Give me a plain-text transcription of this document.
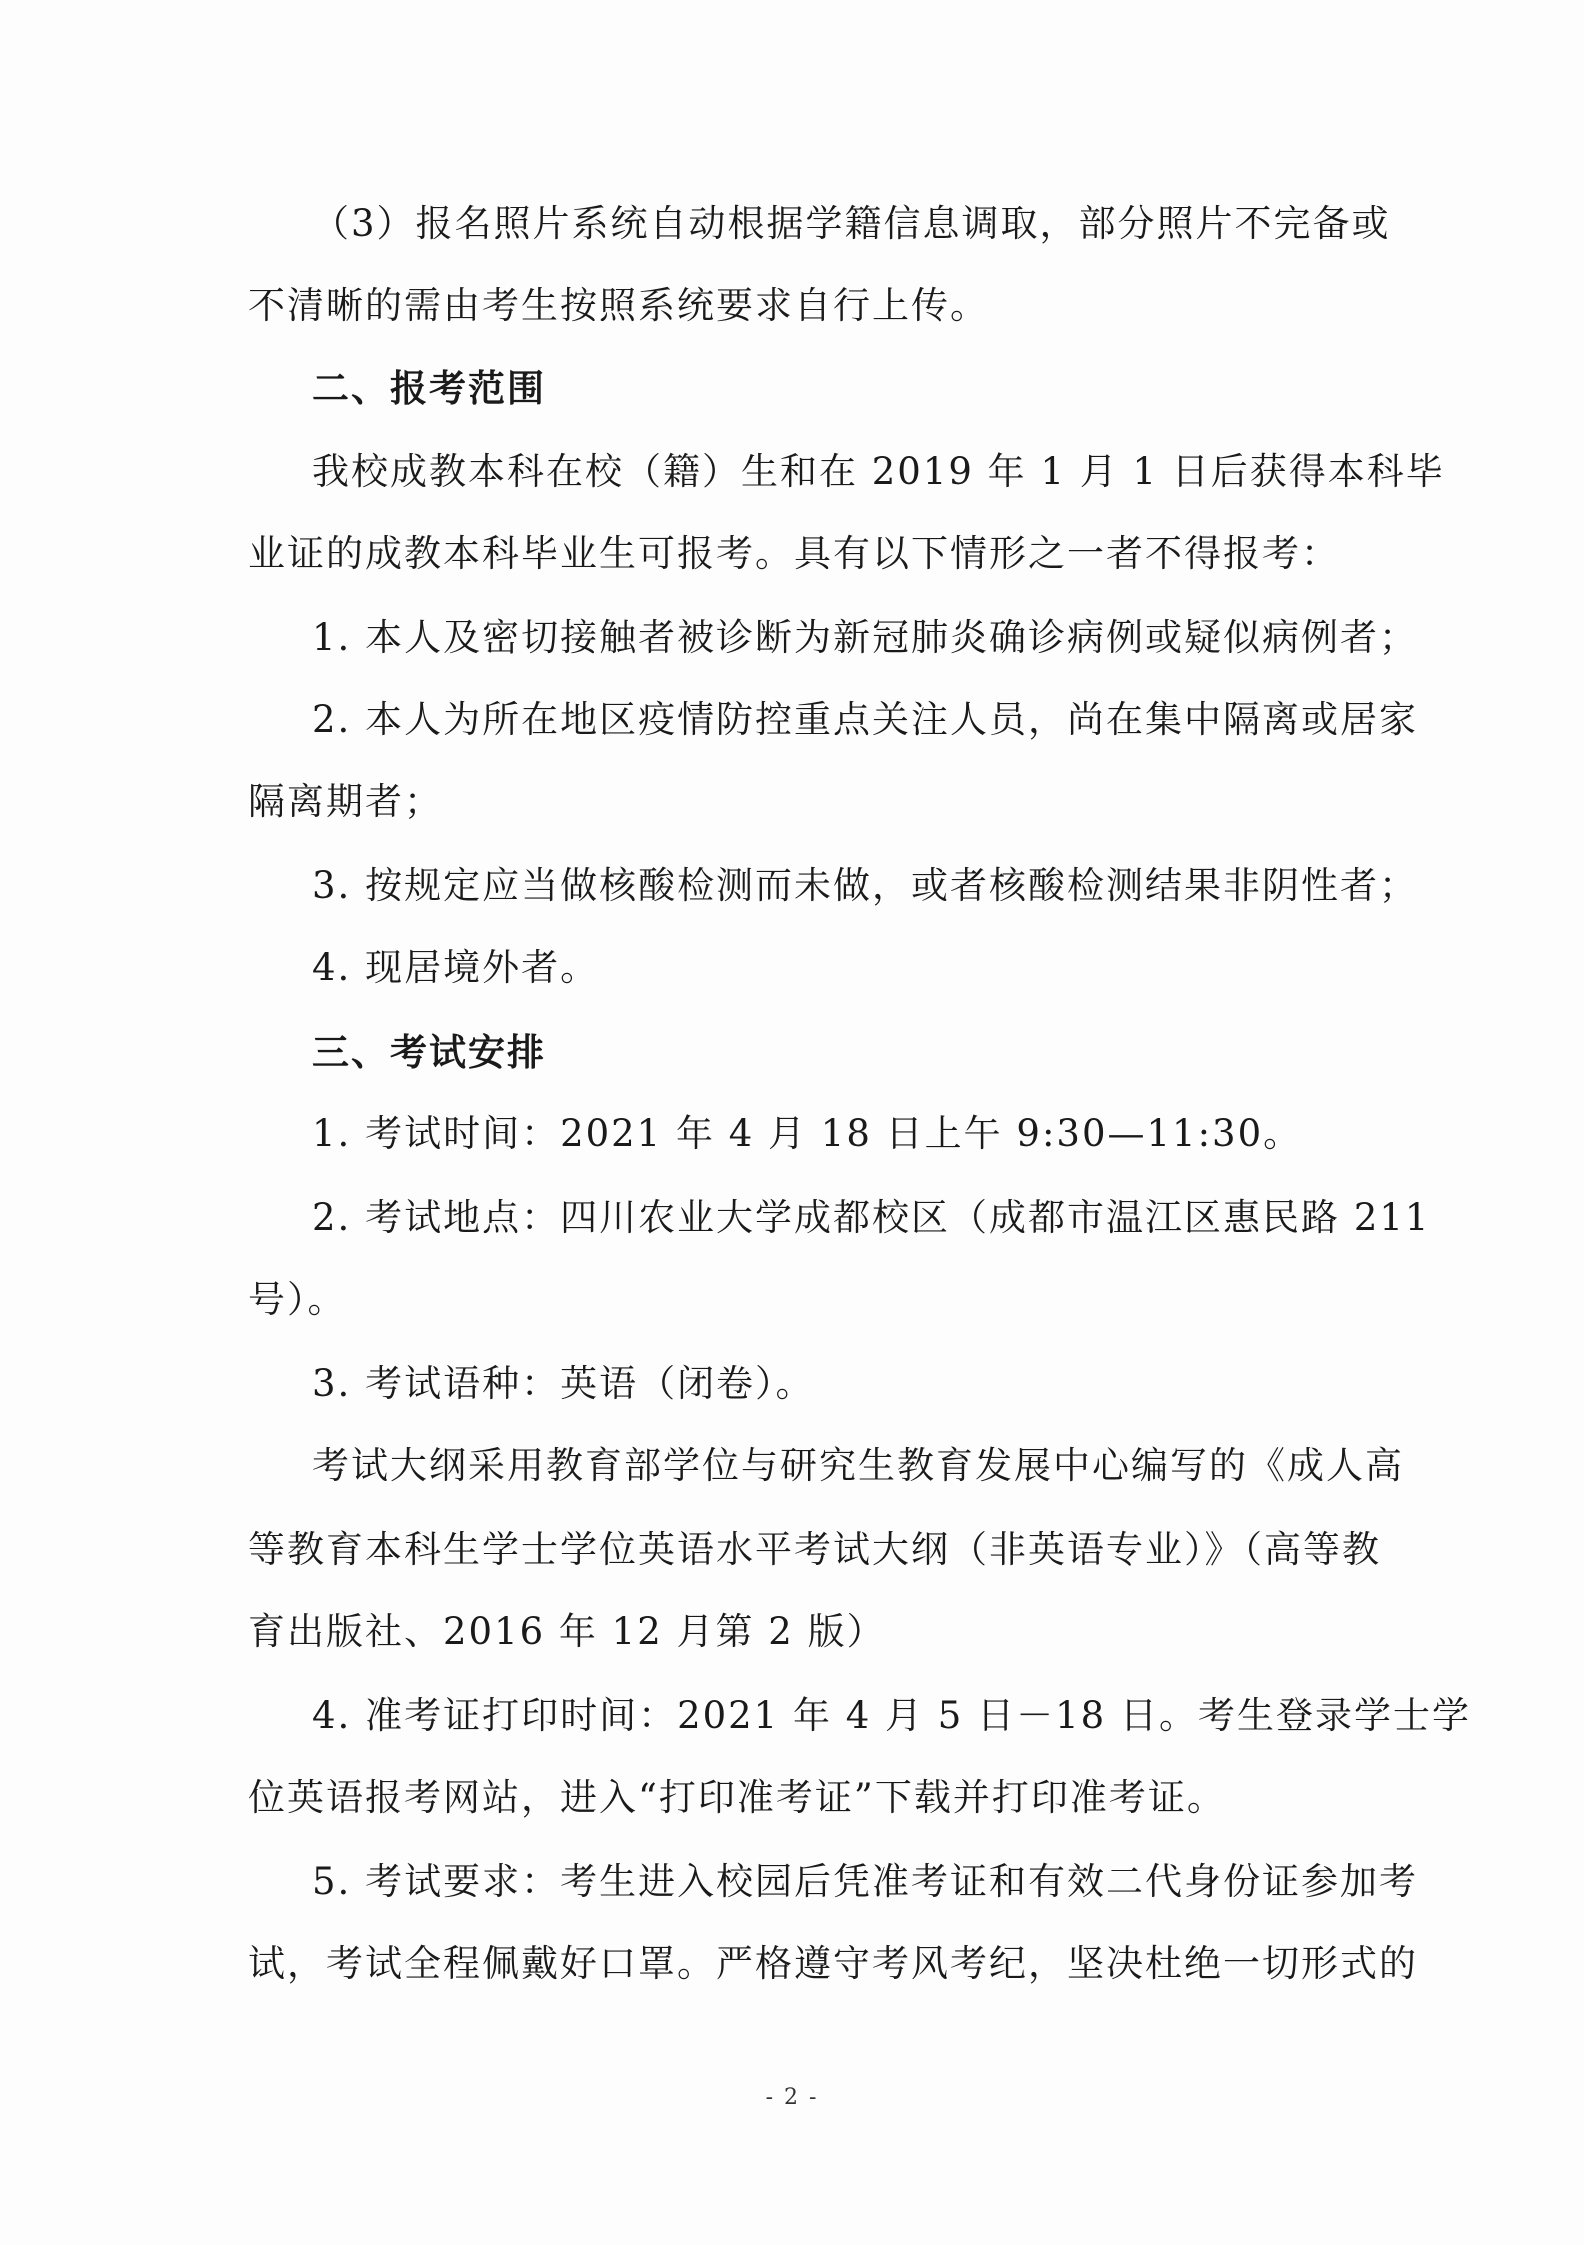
（3）报名照片系统自动根据学籍信息调取，部分照片不完备或
不清晰的需由考生按照系统要求自行上传。
二、报考范围
我校成教本科在校（籍）生和在 2019 年 1 月 1 日后获得本科毕
业证的成教本科毕业生可报考。具有以下情形之一者不得报考：
1. 本人及密切接触者被诊断为新冠肺炎确诊病例或疑似病例者；
2. 本人为所在地区疫情防控重点关注人员，尚在集中隔离或居家
隔离期者；
3. 按规定应当做核酸检测而未做，或者核酸检测结果非阴性者；
4. 现居境外者。
三、考试安排
1. 考试时间：2021 年 4 月 18 日上午 9:30—11:30。
2. 考试地点：四川农业大学成都校区（成都市温江区惠民路 211
号）。
3. 考试语种：英语（闭卷）。
考试大纲采用教育部学位与研究生教育发展中心编写的《成人高
等教育本科生学士学位英语水平考试大纲（非英语专业）》（高等教
育出版社、2016 年 12 月第 2 版）
4. 准考证打印时间：2021 年 4 月 5 日－18 日。考生登录学士学
位英语报考网站，进入“打印准考证”下载并打印准考证。
5. 考试要求：考生进入校园后凭准考证和有效二代身份证参加考
试，考试全程佩戴好口罩。严格遵守考风考纪，坚决杜绝一切形式的
- 2 -
